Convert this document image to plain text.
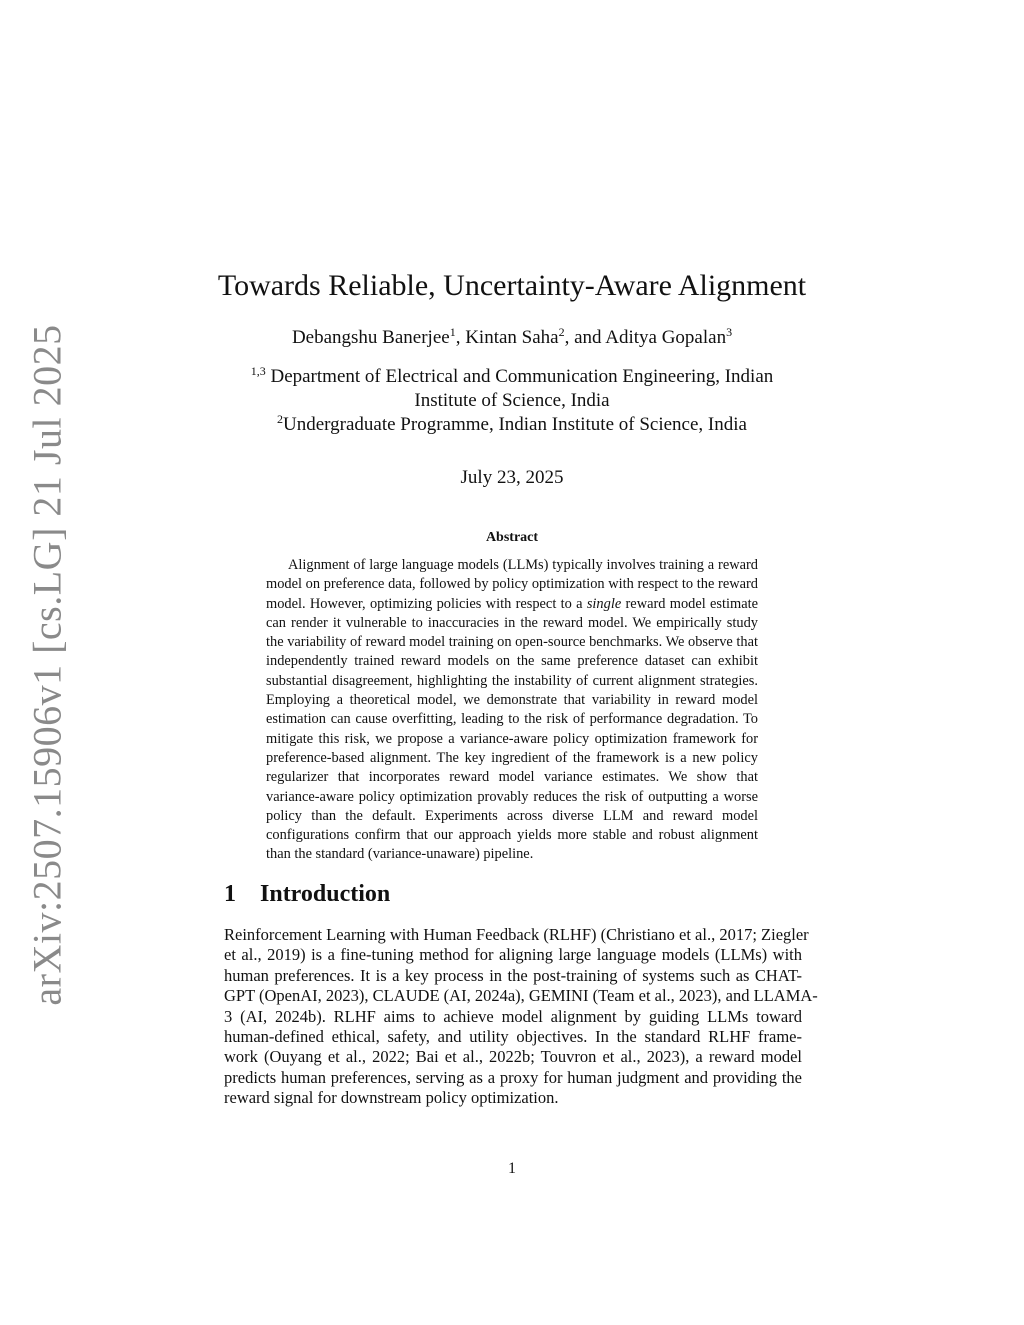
arXiv:2507.15906v1 [cs.LG] 21 Jul 2025
Towards Reliable, Uncertainty-Aware Alignment
Debangshu Banerjee$^1$, Kintan Saha$^2$, and Aditya Gopalan$^3$
$^{1,3}$ Department of Electrical and Communication Engineering, Indian
Institute of Science, India
$^2$Undergraduate Programme, Indian Institute of Science, India
July 23, 2025
Abstract
Alignment of large language models (LLMs) typically involves training a reward model on preference data, followed by policy optimization with respect to the reward model. However, optimizing policies with respect to a single reward model estimate can render it vulnerable to inaccuracies in the reward model. We empirically study the variability of reward model training on open-source benchmarks. We observe that independently trained reward models on the same preference dataset can exhibit substantial disagreement, highlighting the instability of current alignment strategies. Employing a theoretical model, we demonstrate that variability in reward model estimation can cause overfitting, leading to the risk of performance degradation. To mitigate this risk, we propose a variance-aware policy optimization framework for preference-based alignment. The key ingredient of the framework is a new policy regularizer that incorporates reward model variance estimates. We show that variance-aware policy optimization provably reduces the risk of outputting a worse policy than the default. Experiments across diverse LLM and reward model configurations confirm that our approach yields more stable and robust alignment than the standard (variance-unaware) pipeline.
1 Introduction
Reinforcement Learning with Human Feedback (RLHF) (Christiano et al., 2017; Ziegler
et al., 2019) is a fine-tuning method for aligning large language models (LLMs) with
human preferences. It is a key process in the post-training of systems such as CHAT-
GPT (OpenAI, 2023), CLAUDE (AI, 2024a), GEMINI (Team et al., 2023), and LLAMA-
3 (AI, 2024b). RLHF aims to achieve model alignment by guiding LLMs toward
human-defined ethical, safety, and utility objectives. In the standard RLHF frame-
work (Ouyang et al., 2022; Bai et al., 2022b; Touvron et al., 2023), a reward model
predicts human preferences, serving as a proxy for human judgment and providing the
reward signal for downstream policy optimization.
1
